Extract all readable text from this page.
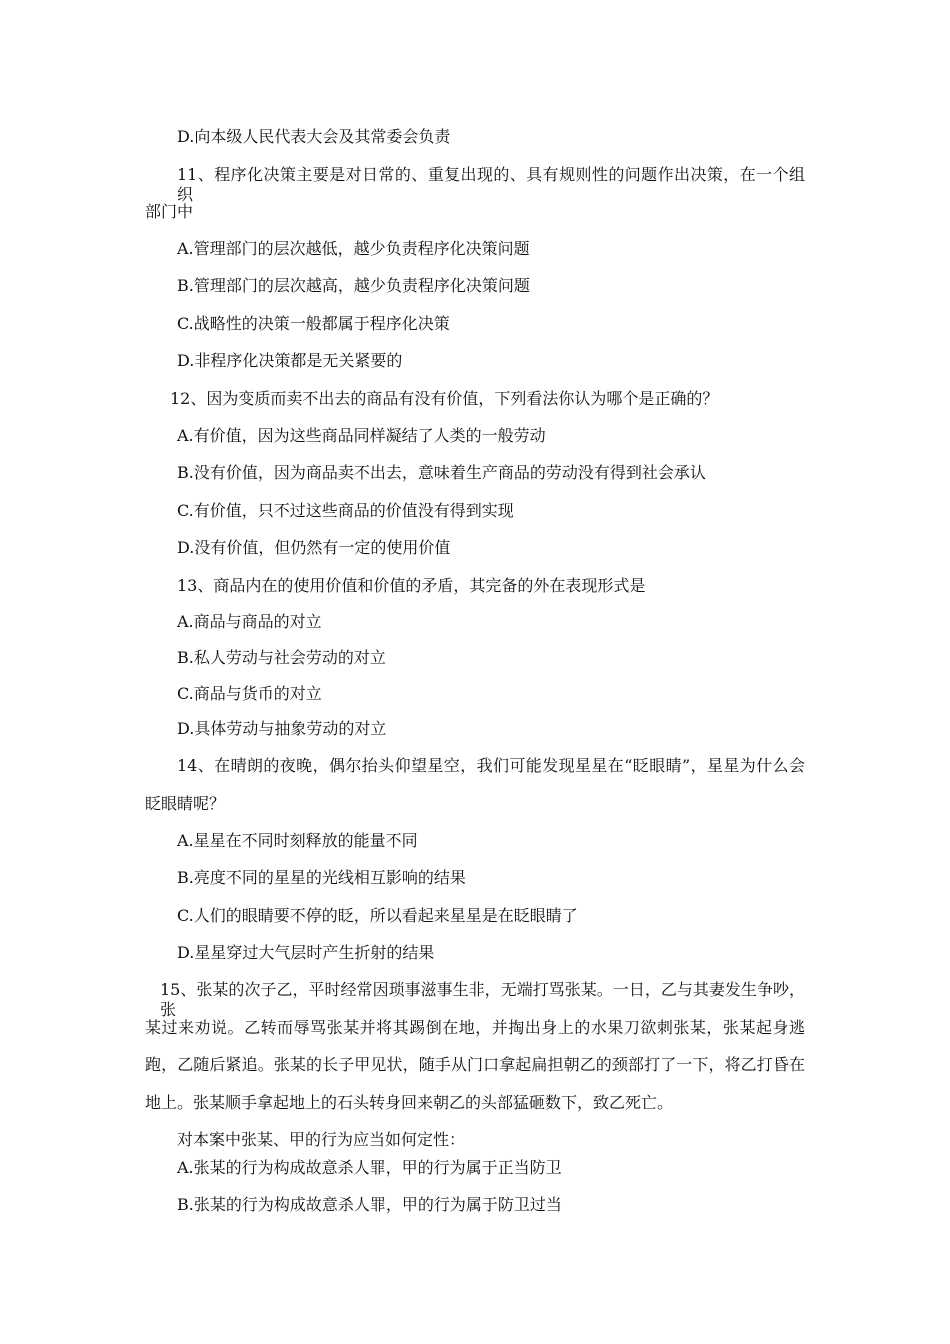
D.向本级人民代表大会及其常委会负责
11、程序化决策主要是对日常的、重复出现的、具有规则性的问题作出决策，在一个组织
部门中
A.管理部门的层次越低，越少负责程序化决策问题
B.管理部门的层次越高，越少负责程序化决策问题
C.战略性的决策一般都属于程序化决策
D.非程序化决策都是无关紧要的
12、因为变质而卖不出去的商品有没有价值，下列看法你认为哪个是正确的？
A.有价值，因为这些商品同样凝结了人类的一般劳动
B.没有价值，因为商品卖不出去，意味着生产商品的劳动没有得到社会承认
C.有价值，只不过这些商品的价值没有得到实现
D.没有价值，但仍然有一定的使用价值
13、商品内在的使用价值和价值的矛盾，其完备的外在表现形式是
A.商品与商品的对立
B.私人劳动与社会劳动的对立
C.商品与货币的对立
D.具体劳动与抽象劳动的对立
14、在晴朗的夜晚，偶尔抬头仰望星空，我们可能发现星星在“眨眼睛”，星星为什么会
眨眼睛呢？
A.星星在不同时刻释放的能量不同
B.亮度不同的星星的光线相互影响的结果
C.人们的眼睛要不停的眨，所以看起来星星是在眨眼睛了
D.星星穿过大气层时产生折射的结果
15、张某的次子乙，平时经常因琐事滋事生非，无端打骂张某。一日，乙与其妻发生争吵，张
某过来劝说。乙转而辱骂张某并将其踢倒在地，并掏出身上的水果刀欲刺张某，张某起身逃
跑，乙随后紧追。张某的长子甲见状，随手从门口拿起扁担朝乙的颈部打了一下，将乙打昏在
地上。张某顺手拿起地上的石头转身回来朝乙的头部猛砸数下，致乙死亡。
对本案中张某、甲的行为应当如何定性：
A.张某的行为构成故意杀人罪，甲的行为属于正当防卫
B.张某的行为构成故意杀人罪，甲的行为属于防卫过当
